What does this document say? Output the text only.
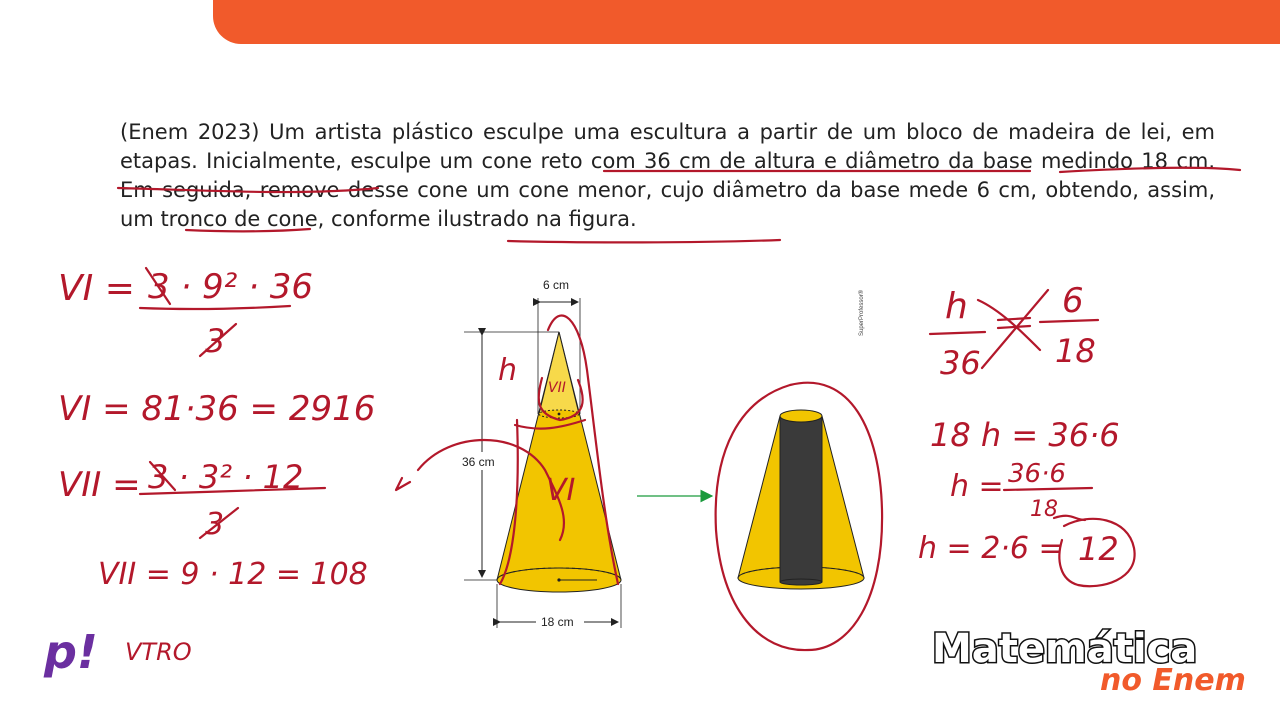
(Enem 2023) Um artista plástico esculpe uma escultura a partir de um bloco de madeira de lei, em etapas. Inicialmente, esculpe um cone reto com 36 cm de altura e diâmetro da base medindo 18 cm. Em seguida, remove desse cone um cone menor, cujo diâmetro da base mede 6 cm, obtendo, assim, um tronco de cone, conforme ilustrado na figura.
6 cm
36 cm
18 cm
SuperProfessor®
VI = 3 · 9² · 36
3
VI = 81·36 = 2916
VII = 3 · 3² · 12
3
VII = 9 · 12 = 108
VTRO
h VII
VI
h
36
6
18
18 h = 36·6
h = 36·6
18
h = 2·6 = 12
p!	Matemática
no Enem
